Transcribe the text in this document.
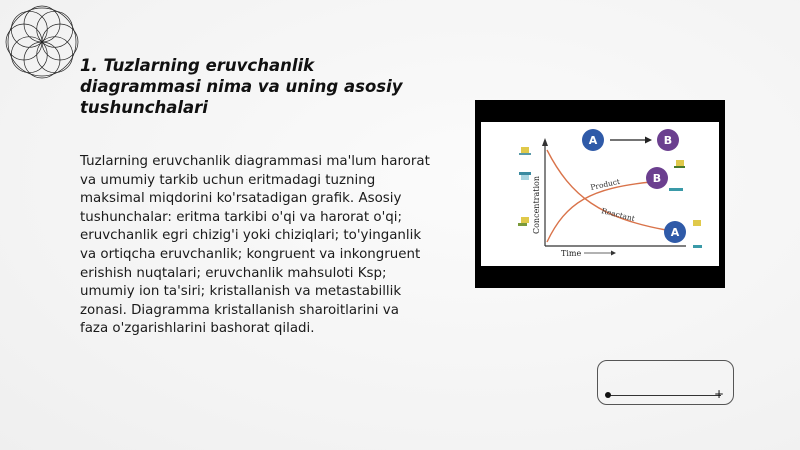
1. Tuzlarning eruvchanlik diagrammasi nima va uning asosiy tushunchalari
Tuzlarning eruvchanlik diagrammasi ma'lum harorat va umumiy tarkib uchun eritmadagi tuzning maksimal miqdorini ko'rsatadigan grafik. Asosiy tushunchalar: eritma tarkibi o'qi va harorat o'qi; eruvchanlik egri chizig'i yoki chiziqlari; to'yinganlik va ortiqcha eruvchanlik; kongruent va inkongruent erishish nuqtalari; eruvchanlik mahsuloti Ksp; umumiy ion ta'siri; kristallanish va metastabillik zonasi. Diagramma kristallanish sharoitlarini va faza o'zgarishlarini bashorat qiladi.
Concentration
Time
Product
Reactant
A	B
B
A
+
